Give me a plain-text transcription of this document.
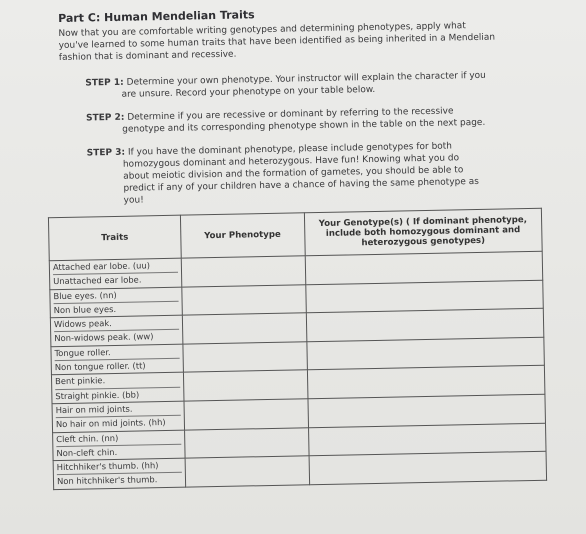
Part C: Human Mendelian Traits

Now that you are comfortable writing genotypes and determining phenotypes, apply what you've learned to some human traits that have been identified as being inherited in a Mendelian fashion that is dominant and recessive.

STEP 1: Determine your own phenotype. Your instructor will explain the character if you
are unsure. Record your phenotype on your table below.
STEP 2: Determine if you are recessive or dominant by referring to the recessive
genotype and its corresponding phenotype shown in the table on the next page.
STEP 3: If you have the dominant phenotype, please include genotypes for both
homozygous dominant and heterozygous. Have fun! Knowing what you do about meiotic division and the formation of gametes, you should be able to predict if any of your children have a chance of having the same phenotype as you!
Traits	Your Phenotype	Your Genotype(s) ( If dominant phenotype, include both homozygous dominant and heterozygous genotypes)

Attached ear lobe. (uu)
Unattached ear lobe.		

Blue eyes. (nn)
Non blue eyes.		

Widows peak.
Non-widows peak. (ww)		

Tongue roller.
Non tongue roller. (tt)		

Bent pinkie.
Straight pinkie. (bb)		

Hair on mid joints.
No hair on mid joints. (hh)		

Cleft chin. (nn)
Non-cleft chin.		

Hitchhiker's thumb. (hh)
Non hitchhiker's thumb.		
